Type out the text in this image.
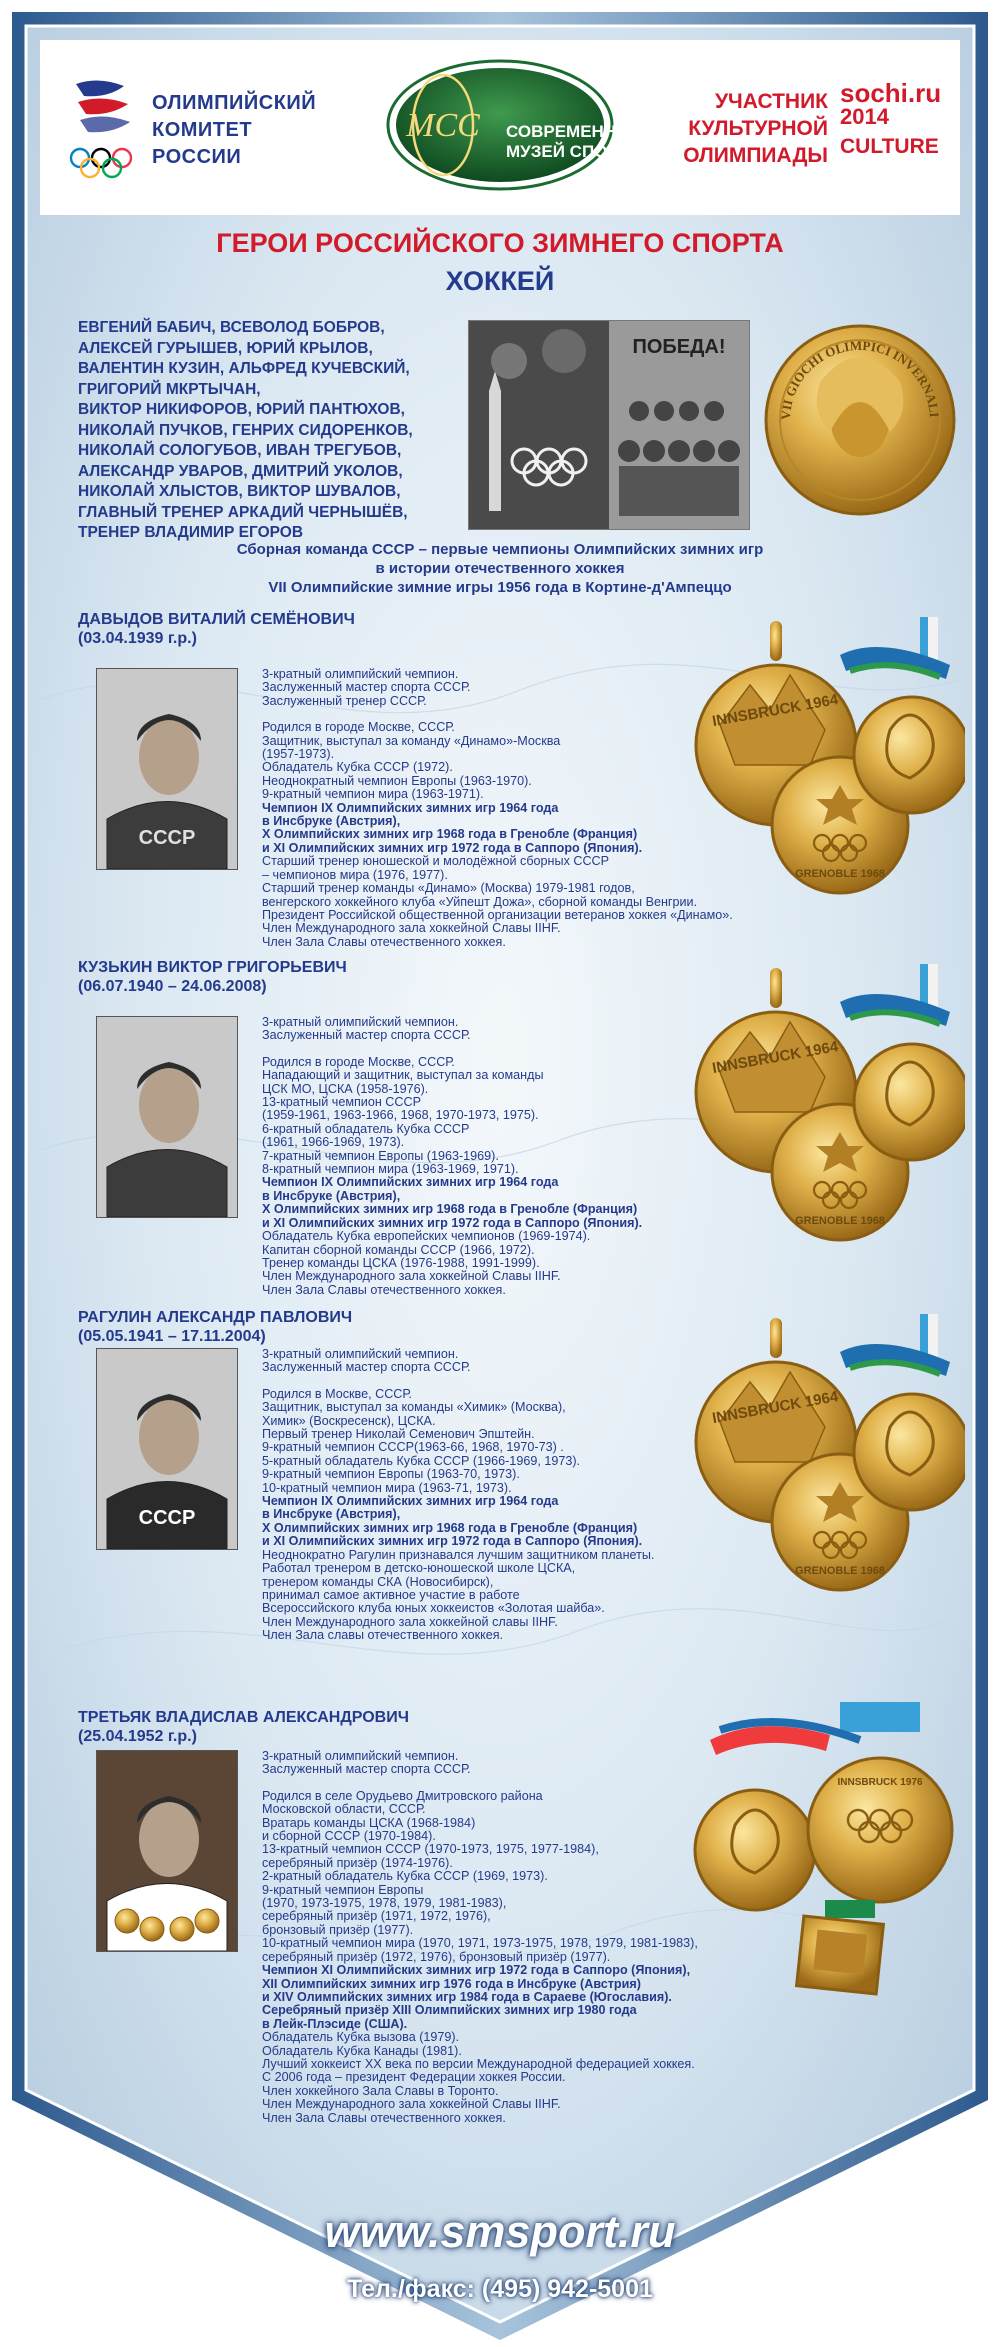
ОЛИМПИЙСКИЙ
КОМИТЕТ
РОССИИ
МСС СОВРЕМЕННЫЙ
МУЗЕЙ СПОРТА
УЧАСТНИК
КУЛЬТУРНОЙ
ОЛИМПИАДЫ
sochi.ru
2014
CULTURE
ГЕРОИ РОССИЙСКОГО ЗИМНЕГО СПОРТА
ХОККЕЙ
ЕВГЕНИЙ БАБИЧ, ВСЕВОЛОД БОБРОВ,
АЛЕКСЕЙ ГУРЫШЕВ, ЮРИЙ КРЫЛОВ,
ВАЛЕНТИН КУЗИН, АЛЬФРЕД КУЧЕВСКИЙ,
ГРИГОРИЙ МКРТЫЧАН,
ВИКТОР НИКИФОРОВ, ЮРИЙ ПАНТЮХОВ,
НИКОЛАЙ ПУЧКОВ, ГЕНРИХ СИДОРЕНКОВ,
НИКОЛАЙ СОЛОГУБОВ, ИВАН ТРЕГУБОВ,
АЛЕКСАНДР УВАРОВ, ДМИТРИЙ УКОЛОВ,
НИКОЛАЙ ХЛЫСТОВ, ВИКТОР ШУВАЛОВ,
ГЛАВНЫЙ ТРЕНЕР АРКАДИЙ ЧЕРНЫШЁВ,
ТРЕНЕР ВЛАДИМИР ЕГОРОВ
ПОБЕДА!
VII GIOCHI OLIMPICI INVERNALI
Сборная команда СССР – первые чемпионы Олимпийских зимних игр
в истории отечественного хоккея
VII Олимпийские зимние игры 1956 года в Кортине-д'Ампеццо
ДАВЫДОВ ВИТАЛИЙ СЕМЁНОВИЧ
(03.04.1939 г.р.)
СССР
3-кратный олимпийский чемпион.
Заслуженный мастер спорта СССР.
Заслуженный тренер СССР.
Родился в городе Москве, СССР.
Защитник, выступал за команду «Динамо»-Москва
(1957-1973).
Обладатель Кубка СССР (1972).
Неоднократный чемпион Европы (1963-1970).
9-кратный чемпион мира (1963-1971).
Чемпион IX Олимпийских зимних игр 1964 года
в Инсбруке (Австрия),
X Олимпийских зимних игр 1968 года в Гренобле (Франция)
и XI Олимпийских зимних игр 1972 года в Саппоро (Япония).
Старший тренер юношеской и молодёжной сборных СССР
– чемпионов мира (1976, 1977).
Старший тренер команды «Динамо» (Москва) 1979-1981 годов,
венгерского хоккейного клуба «Уйпешт Дожа», сборной команды Венгрии.
Президент Российской общественной организации ветеранов хоккея «Динамо».
Член Международного зала хоккейной Славы IIHF.
Член Зала Славы отечественного хоккея.
INNSBRUCK 1964
GRENOBLE 1968
КУЗЬКИН ВИКТОР ГРИГОРЬЕВИЧ
(06.07.1940 – 24.06.2008)
3-кратный олимпийский чемпион.
Заслуженный мастер спорта СССР.
Родился в городе Москве, СССР.
Нападающий и защитник, выступал за команды
ЦСК МО, ЦСКА (1958-1976).
13-кратный чемпион СССР
(1959-1961, 1963-1966, 1968, 1970-1973, 1975).
6-кратный обладатель Кубка СССР
(1961, 1966-1969, 1973).
7-кратный чемпион Европы (1963-1969).
8-кратный чемпион мира (1963-1969, 1971).
Чемпион IX Олимпийских зимних игр 1964 года
в Инсбруке (Австрия),
X Олимпийских зимних игр 1968 года в Гренобле (Франция)
и XI Олимпийских зимних игр 1972 года в Саппоро (Япония).
Обладатель Кубка европейских чемпионов (1969-1974).
Капитан сборной команды СССР (1966, 1972).
Тренер команды ЦСКА (1976-1988, 1991-1999).
Член Международного зала хоккейной Славы IIHF.
Член Зала Славы отечественного хоккея.
INNSBRUCK 1964
GRENOBLE 1968
РАГУЛИН АЛЕКСАНДР ПАВЛОВИЧ
(05.05.1941 – 17.11.2004)
СССР
3-кратный олимпийский чемпион.
Заслуженный мастер спорта СССР.
Родился в Москве, СССР.
Защитник, выступал за команды «Химик» (Москва),
Химик» (Воскресенск), ЦСКА.
Первый тренер Николай Семенович Эпштейн.
9-кратный чемпион СССР(1963-66, 1968, 1970-73) .
5-кратный обладатель Кубка СССР (1966-1969, 1973).
9-кратный чемпион Европы (1963-70, 1973).
10-кратный чемпион мира (1963-71, 1973).
Чемпион IX Олимпийских зимних игр 1964 года
в Инсбруке (Австрия),
X Олимпийских зимних игр 1968 года в Гренобле (Франция)
и XI Олимпийских зимних игр 1972 года в Саппоро (Япония).
Неоднократно Рагулин признавался лучшим защитником планеты.
Работал тренером в детско-юношеской школе ЦСКА,
тренером команды СКА (Новосибирск),
принимал самое активное участие в работе
Всероссийского клуба юных хоккеистов «Золотая шайба».
Член Международного зала хоккейной славы IIHF.
Член Зала славы отечественного хоккея.
INNSBRUCK 1964
GRENOBLE 1968
ТРЕТЬЯК ВЛАДИСЛАВ АЛЕКСАНДРОВИЧ
(25.04.1952 г.р.)
3-кратный олимпийский чемпион.
Заслуженный мастер спорта СССР.
Родился в селе Орудьево Дмитровского района
Московской области, СССР.
Вратарь команды ЦСКА (1968-1984)
и сборной СССР (1970-1984).
13-кратный чемпион СССР (1970-1973, 1975, 1977-1984),
серебряный призёр (1974-1976).
2-кратный обладатель Кубка СССР (1969, 1973).
9-кратный чемпион Европы
(1970, 1973-1975, 1978, 1979, 1981-1983),
серебряный призёр (1971, 1972, 1976),
бронзовый призёр (1977).
10-кратный чемпион мира (1970, 1971, 1973-1975, 1978, 1979, 1981-1983),
серебряный призёр (1972, 1976), бронзовый призёр (1977).
Чемпион XI Олимпийских зимних игр 1972 года в Саппоро (Япония),
XII Олимпийских зимних игр 1976 года в Инсбруке (Австрия)
и XIV Олимпийских зимних игр 1984 года в Сараеве (Югославия).
Серебряный призёр XIII Олимпийских зимних игр 1980 года
в Лейк-Плэсиде (США).
Обладатель Кубка вызова (1979).
Обладатель Кубка Канады (1981).
Лучший хоккеист XX века по версии Международной федерацией хоккея.
С 2006 года – президент Федерации хоккея России.
Член хоккейного Зала Славы в Торонто.
Член Международного зала хоккейной Славы IIHF.
Член Зала Славы отечественного хоккея.
INNSBRUCK 1976
www.smsport.ru
Тел./факс: (495) 942-5001
